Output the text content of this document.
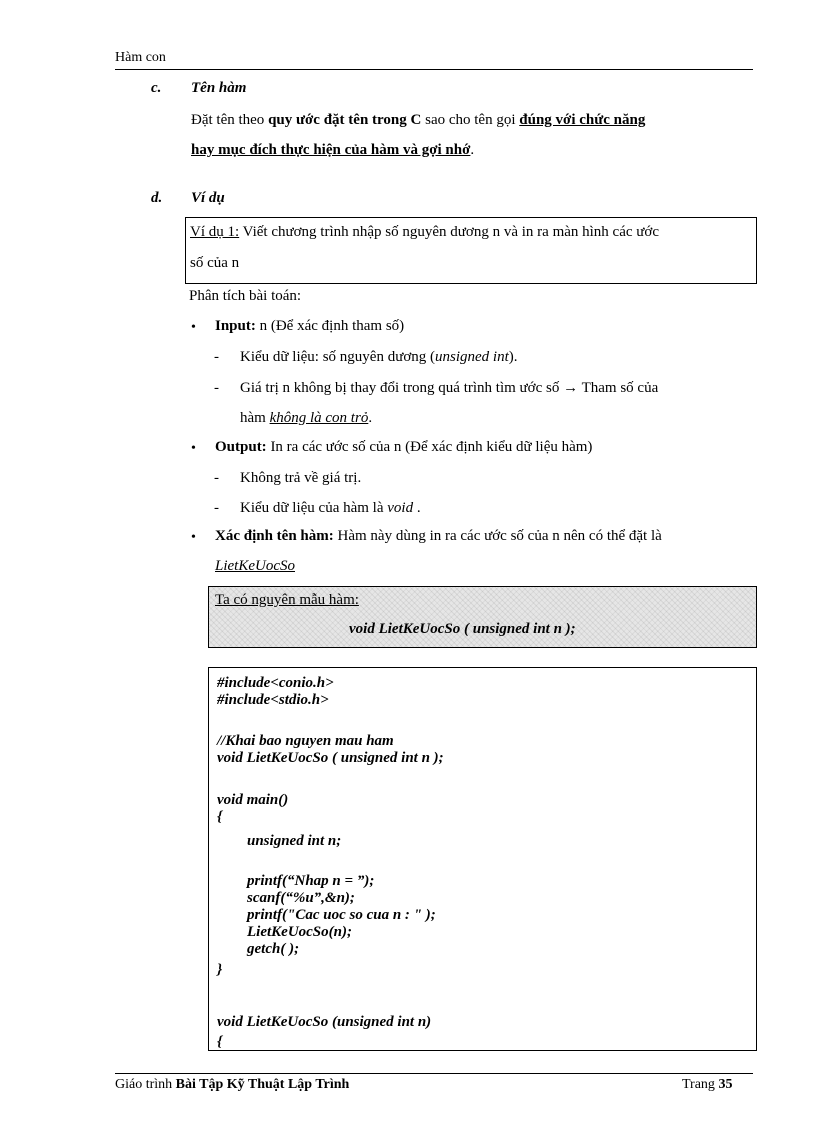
Hàm con
c. Tên hàm
Đặt tên theo quy ước đặt tên trong C sao cho tên gọi đúng với chức năng
hay mục đích thực hiện của hàm và gợi nhớ.
d. Ví dụ
Ví dụ 1: Viết chương trình nhập số nguyên dương n và in ra màn hình các ước
số của n
Phân tích bài toán:
• Input: n (Để xác định tham số)
- Kiểu dữ liệu: số nguyên dương (unsigned int).
- Giá trị n không bị thay đổi trong quá trình tìm ước số → Tham số của
hàm không là con trỏ.
• Output: In ra các ước số của n (Để xác định kiểu dữ liệu hàm)
- Không trả về giá trị.
- Kiểu dữ liệu của hàm là void .
• Xác định tên hàm: Hàm này dùng in ra các ước số của n nên có thể đặt là
LietKeUocSo
Ta có nguyên mẫu hàm:
void LietKeUocSo ( unsigned int n );
#include<conio.h>
#include<stdio.h>
//Khai bao nguyen mau ham
void LietKeUocSo ( unsigned int n );
void main()
{
unsigned int n;
printf(“Nhap n = ”);
scanf(“%u”,&n);
printf("Cac uoc so cua n : " );
LietKeUocSo(n);
getch( );
}
void LietKeUocSo (unsigned int n)
{
Giáo trình Bài Tập Kỹ Thuật Lập Trình	Trang 35
